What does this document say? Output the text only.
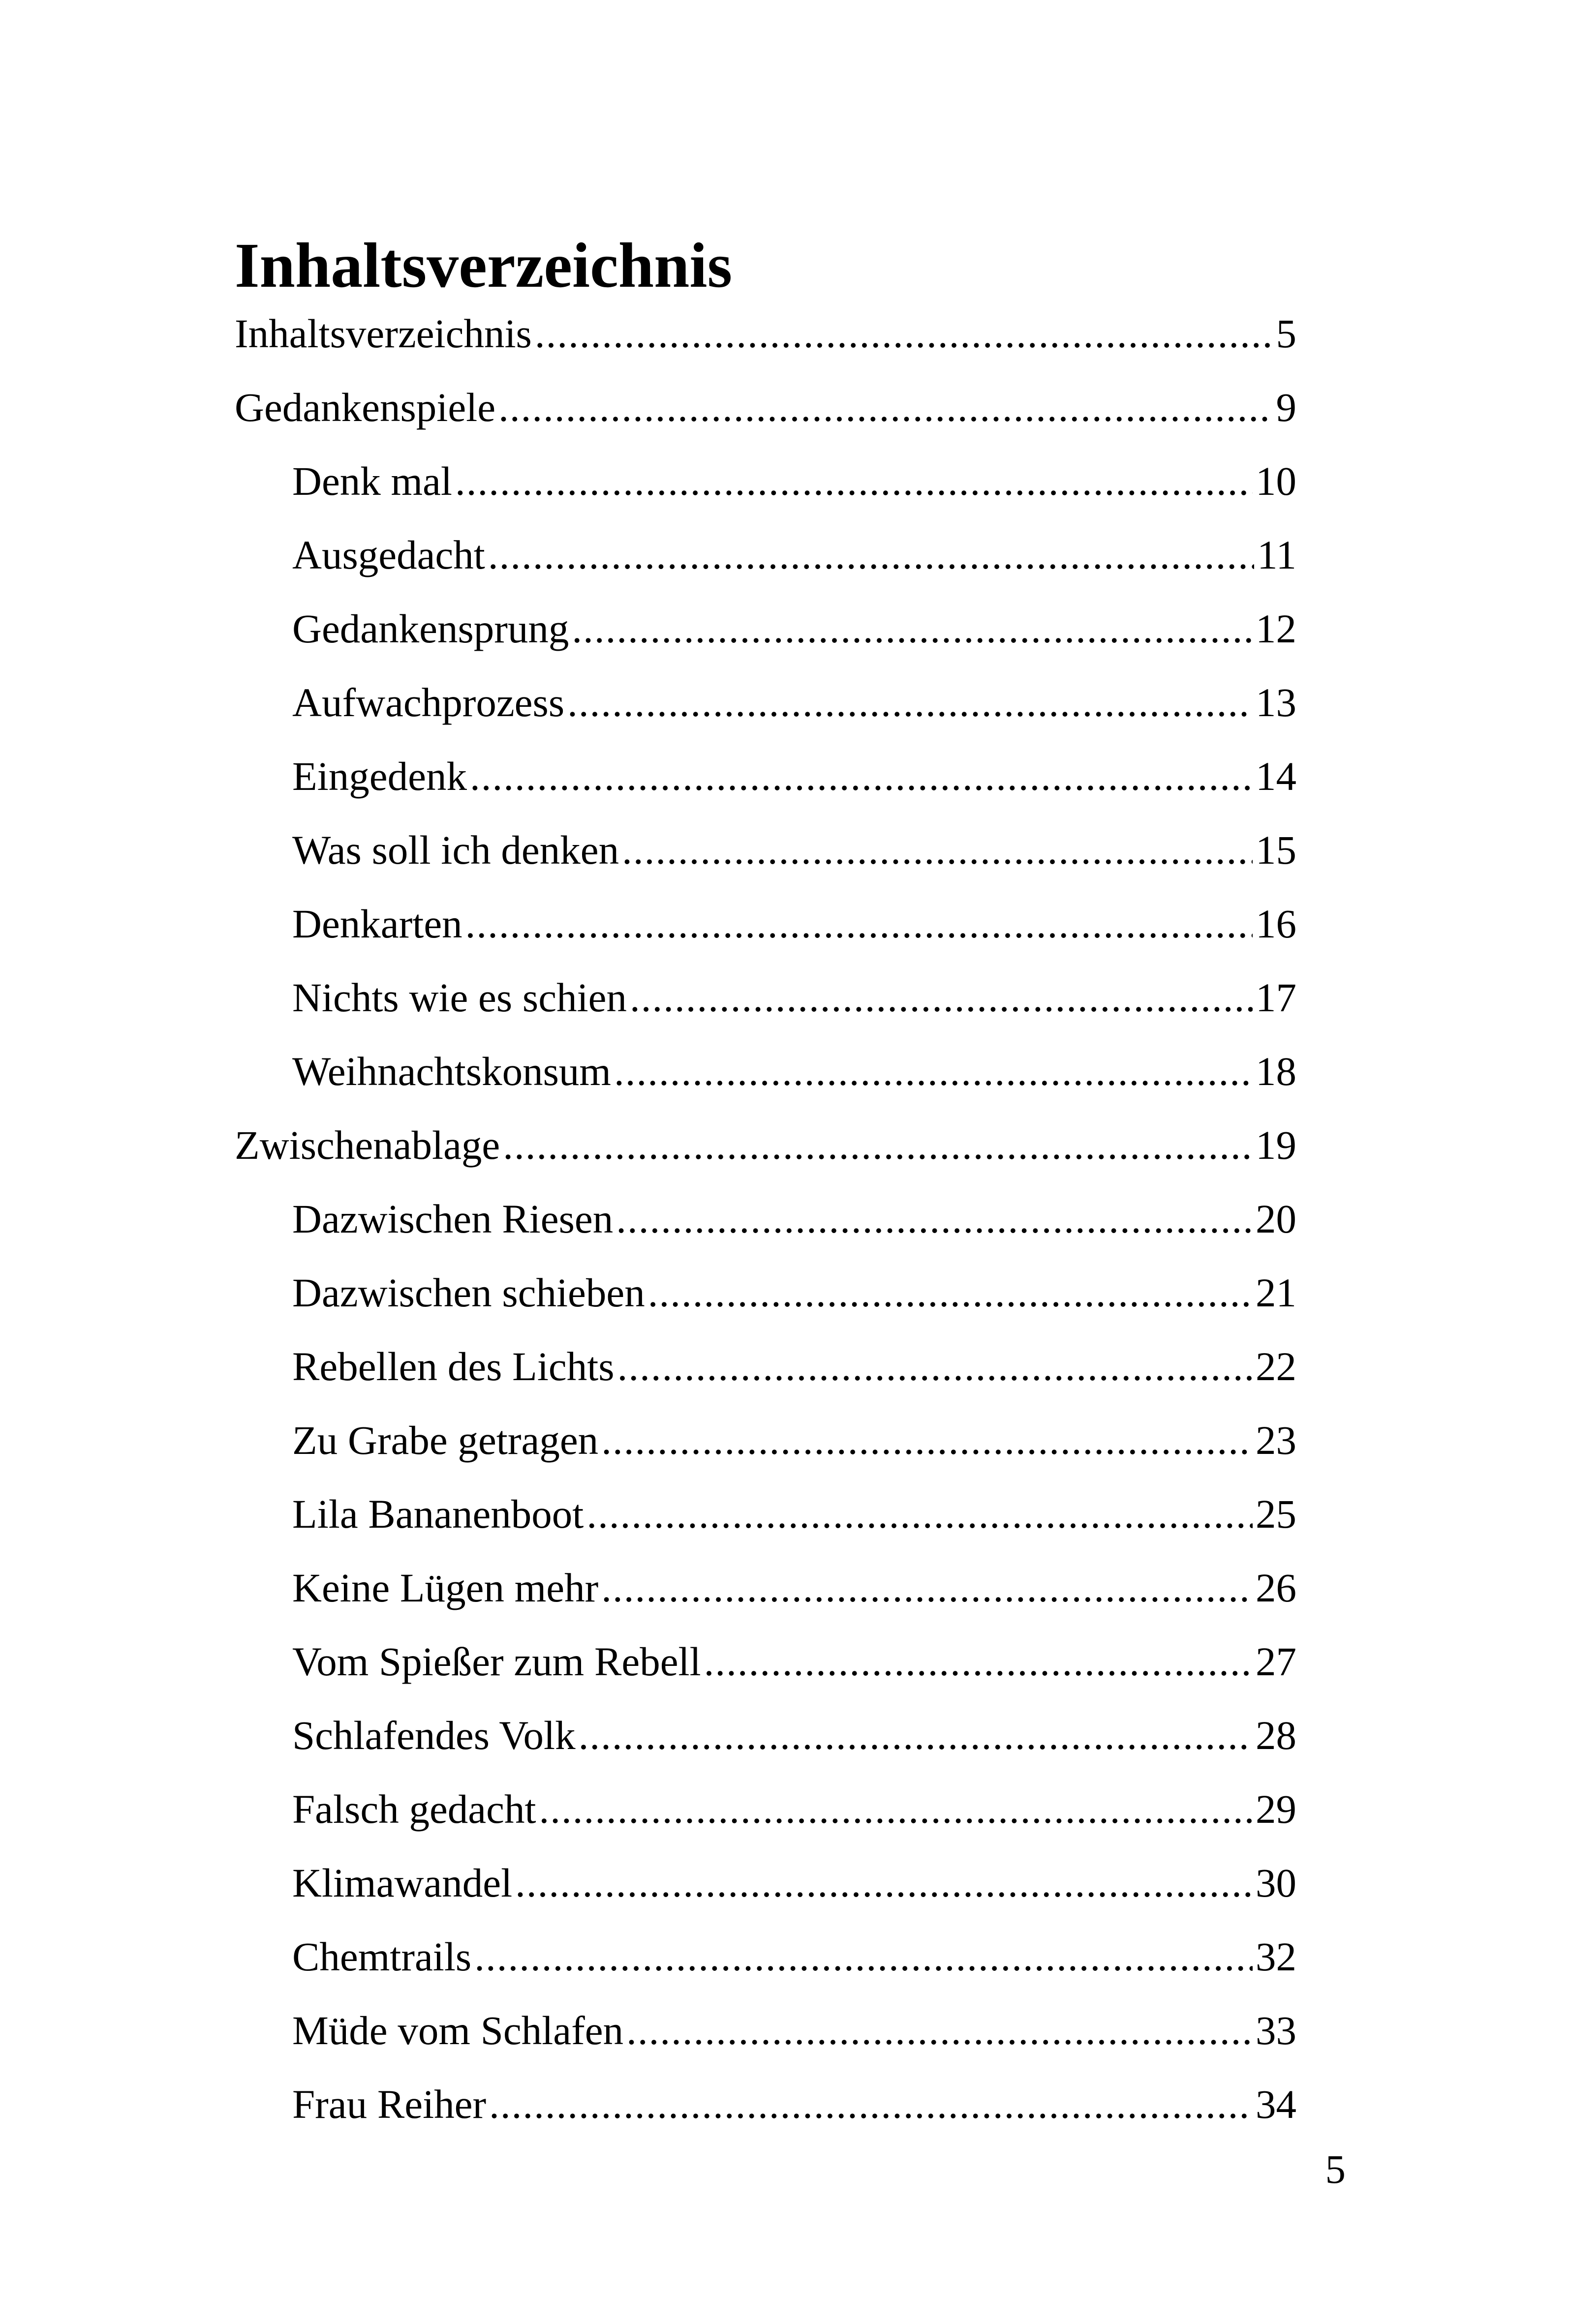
Inhaltsverzeichnis
Inhaltsverzeichnis .....	5
Gedankenspiele .....	9
Denk mal .....	10
Ausgedacht .....	11
Gedankensprung .....	12
Aufwachprozess .....	13
Eingedenk .....	14
Was soll ich denken .....	15
Denkarten .....	16
Nichts wie es schien .....	17
Weihnachtskonsum .....	18
Zwischenablage .....	19
Dazwischen Riesen .....	20
Dazwischen schieben .....	21
Rebellen des Lichts .....	22
Zu Grabe getragen .....	23
Lila Bananenboot .....	25
Keine Lügen mehr .....	26
Vom Spießer zum Rebell .....	27
Schlafendes Volk .....	28
Falsch gedacht .....	29
Klimawandel .....	30
Chemtrails .....	32
Müde vom Schlafen .....	33
Frau Reiher .....	34
5
